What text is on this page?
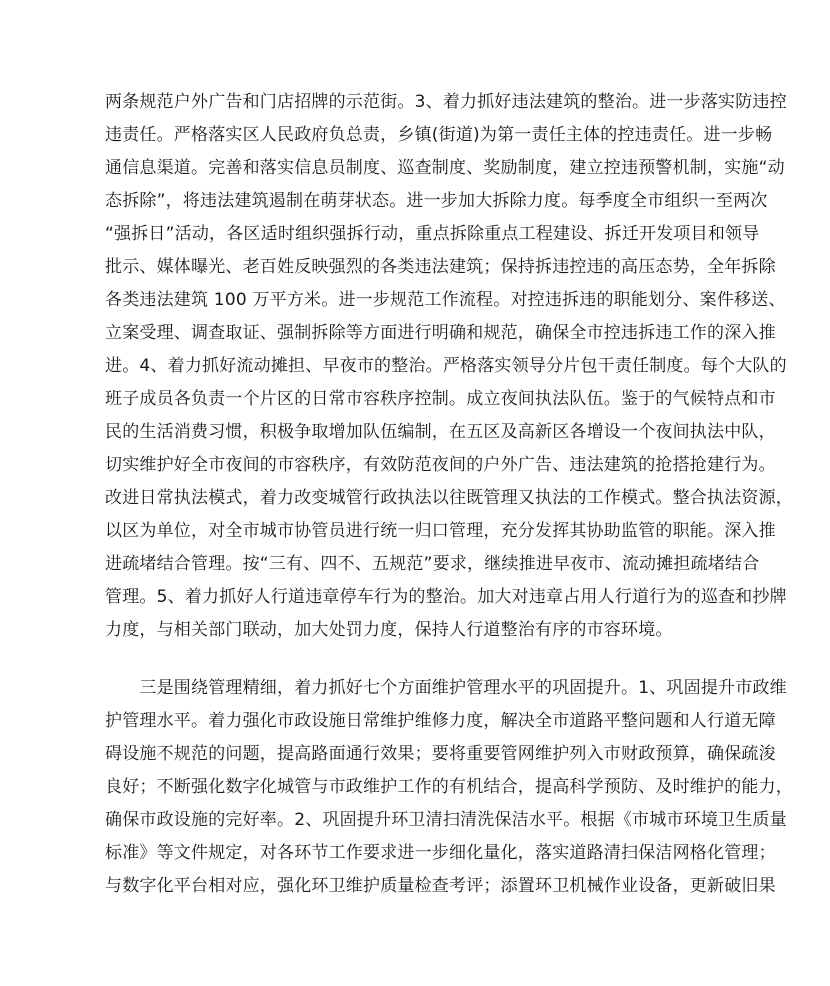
两条规范户外广告和门店招牌的示范街。3、着力抓好违法建筑的整治。进一步落实防违控
违责任。严格落实区人民政府负总责，乡镇(街道)为第一责任主体的控违责任。进一步畅
通信息渠道。完善和落实信息员制度、巡查制度、奖励制度，建立控违预警机制，实施“动
态拆除”，将违法建筑遏制在萌芽状态。进一步加大拆除力度。每季度全市组织一至两次
“强拆日”活动，各区适时组织强拆行动，重点拆除重点工程建设、拆迁开发项目和领导
批示、媒体曝光、老百姓反映强烈的各类违法建筑；保持拆违控违的高压态势，全年拆除
各类违法建筑 100 万平方米。进一步规范工作流程。对控违拆违的职能划分、案件移送、
立案受理、调查取证、强制拆除等方面进行明确和规范，确保全市控违拆违工作的深入推
进。4、着力抓好流动摊担、早夜市的整治。严格落实领导分片包干责任制度。每个大队的
班子成员各负责一个片区的日常市容秩序控制。成立夜间执法队伍。鉴于的气候特点和市
民的生活消费习惯，积极争取增加队伍编制，在五区及高新区各增设一个夜间执法中队，
切实维护好全市夜间的市容秩序，有效防范夜间的户外广告、违法建筑的抢搭抢建行为。
改进日常执法模式，着力改变城管行政执法以往既管理又执法的工作模式。整合执法资源，
以区为单位，对全市城市协管员进行统一归口管理，充分发挥其协助监管的职能。深入推
进疏堵结合管理。按“三有、四不、五规范”要求，继续推进早夜市、流动摊担疏堵结合
管理。5、着力抓好人行道违章停车行为的整治。加大对违章占用人行道行为的巡查和抄牌
力度，与相关部门联动，加大处罚力度，保持人行道整治有序的市容环境。
　　三是围绕管理精细，着力抓好七个方面维护管理水平的巩固提升。1、巩固提升市政维
护管理水平。着力强化市政设施日常维护维修力度，解决全市道路平整问题和人行道无障
碍设施不规范的问题，提高路面通行效果；要将重要管网维护列入市财政预算，确保疏浚
良好；不断强化数字化城管与市政维护工作的有机结合，提高科学预防、及时维护的能力，
确保市政设施的完好率。2、巩固提升环卫清扫清洗保洁水平。根据《市城市环境卫生质量
标准》等文件规定，对各环节工作要求进一步细化量化，落实道路清扫保洁网格化管理；
与数字化平台相对应，强化环卫维护质量检查考评；添置环卫机械作业设备，更新破旧果
